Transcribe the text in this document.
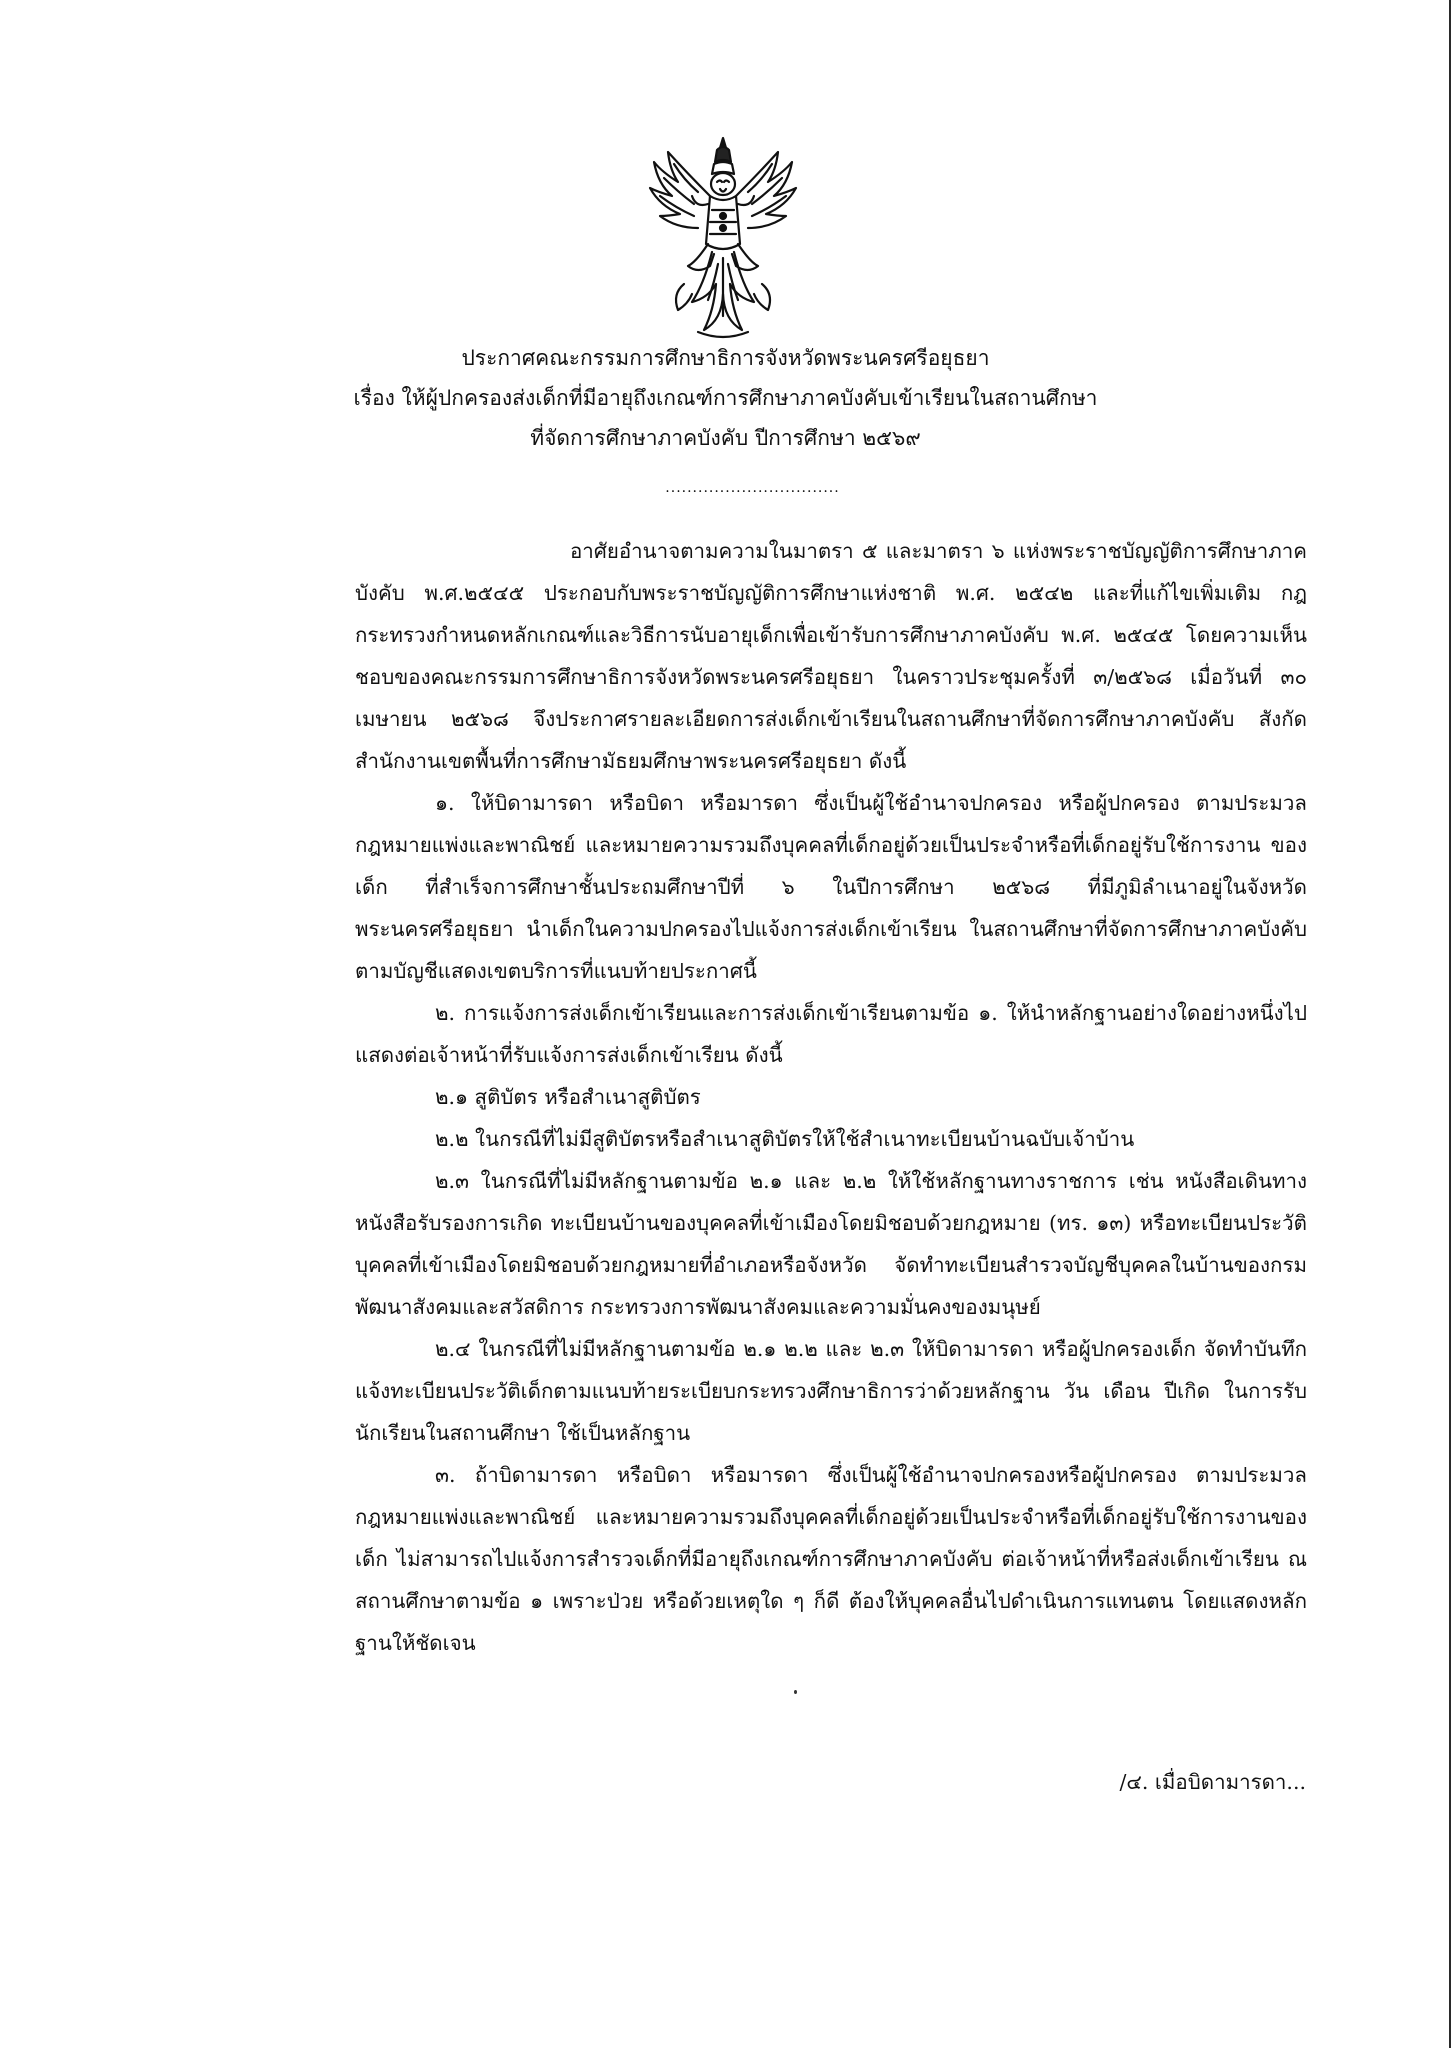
ประกาศคณะกรรมการศึกษาธิการจังหวัดพระนครศรีอยุธยา
เรื่อง ให้ผู้ปกครองส่งเด็กที่มีอายุถึงเกณฑ์การศึกษาภาคบังคับเข้าเรียนในสถานศึกษา
ที่จัดการศึกษาภาคบังคับ ปีการศึกษา ๒๕๖๙
................................

อาศัยอำนาจตามความในมาตรา ๕ และมาตรา ๖ แห่งพระราชบัญญัติการศึกษาภาคบังคับ พ.ศ.๒๕๔๕ ประกอบกับพระราชบัญญัติการศึกษาแห่งชาติ พ.ศ. ๒๕๔๒ และที่แก้ไขเพิ่มเติม กฎกระทรวงกำหนดหลักเกณฑ์และวิธีการนับอายุเด็กเพื่อเข้ารับการศึกษาภาคบังคับ พ.ศ. ๒๕๔๕ โดยความเห็นชอบของคณะกรรมการศึกษาธิการจังหวัดพระนครศรีอยุธยา ในคราวประชุมครั้งที่ ๓/๒๕๖๘ เมื่อวันที่ ๓๐ เมษายน ๒๕๖๘ จึงประกาศรายละเอียดการส่งเด็กเข้าเรียนในสถานศึกษาที่จัดการศึกษาภาคบังคับ สังกัดสำนักงานเขตพื้นที่การศึกษามัธยมศึกษาพระนครศรีอยุธยา ดังนี้

๑. ให้บิดามารดา หรือบิดา หรือมารดา ซึ่งเป็นผู้ใช้อำนาจปกครอง หรือผู้ปกครอง ตามประมวลกฎหมายแพ่งและพาณิชย์ และหมายความรวมถึงบุคคลที่เด็กอยู่ด้วยเป็นประจำหรือที่เด็กอยู่รับใช้การงาน ของเด็ก ที่สำเร็จการศึกษาชั้นประถมศึกษาปีที่ ๖ ในปีการศึกษา ๒๕๖๘ ที่มีภูมิลำเนาอยู่ในจังหวัดพระนครศรีอยุธยา นำเด็กในความปกครองไปแจ้งการส่งเด็กเข้าเรียน ในสถานศึกษาที่จัดการศึกษาภาคบังคับตามบัญชีแสดงเขตบริการที่แนบท้ายประกาศนี้

๒. การแจ้งการส่งเด็กเข้าเรียนและการส่งเด็กเข้าเรียนตามข้อ ๑. ให้นำหลักฐานอย่างใดอย่างหนึ่งไปแสดงต่อเจ้าหน้าที่รับแจ้งการส่งเด็กเข้าเรียน ดังนี้

๒.๑ สูติบัตร หรือสำเนาสูติบัตร

๒.๒ ในกรณีที่ไม่มีสูติบัตรหรือสำเนาสูติบัตรให้ใช้สำเนาทะเบียนบ้านฉบับเจ้าบ้าน

๒.๓ ในกรณีที่ไม่มีหลักฐานตามข้อ ๒.๑ และ ๒.๒ ให้ใช้หลักฐานทางราชการ เช่น หนังสือเดินทาง หนังสือรับรองการเกิด ทะเบียนบ้านของบุคคลที่เข้าเมืองโดยมิชอบด้วยกฎหมาย (ทร. ๑๓) หรือทะเบียนประวัติบุคคลที่เข้าเมืองโดยมิชอบด้วยกฎหมายที่อำเภอหรือจังหวัด จัดทำทะเบียนสำรวจบัญชีบุคคลในบ้านของกรมพัฒนาสังคมและสวัสดิการ กระทรวงการพัฒนาสังคมและความมั่นคงของมนุษย์

๒.๔ ในกรณีที่ไม่มีหลักฐานตามข้อ ๒.๑ ๒.๒ และ ๒.๓ ให้บิดามารดา หรือผู้ปกครองเด็ก จัดทำบันทึกแจ้งทะเบียนประวัติเด็กตามแนบท้ายระเบียบกระทรวงศึกษาธิการว่าด้วยหลักฐาน วัน เดือน ปีเกิด ในการรับนักเรียนในสถานศึกษา ใช้เป็นหลักฐาน

๓. ถ้าบิดามารดา หรือบิดา หรือมารดา ซึ่งเป็นผู้ใช้อำนาจปกครองหรือผู้ปกครอง ตามประมวลกฎหมายแพ่งและพาณิชย์ และหมายความรวมถึงบุคคลที่เด็กอยู่ด้วยเป็นประจำหรือที่เด็กอยู่รับใช้การงานของเด็ก ไม่สามารถไปแจ้งการสำรวจเด็กที่มีอายุถึงเกณฑ์การศึกษาภาคบังคับ ต่อเจ้าหน้าที่หรือส่งเด็กเข้าเรียน ณ สถานศึกษาตามข้อ ๑ เพราะป่วย หรือด้วยเหตุใด ๆ ก็ดี ต้องให้บุคคลอื่นไปดำเนินการแทนตน โดยแสดงหลักฐานให้ชัดเจน

/๔. เมื่อบิดามารดา...
